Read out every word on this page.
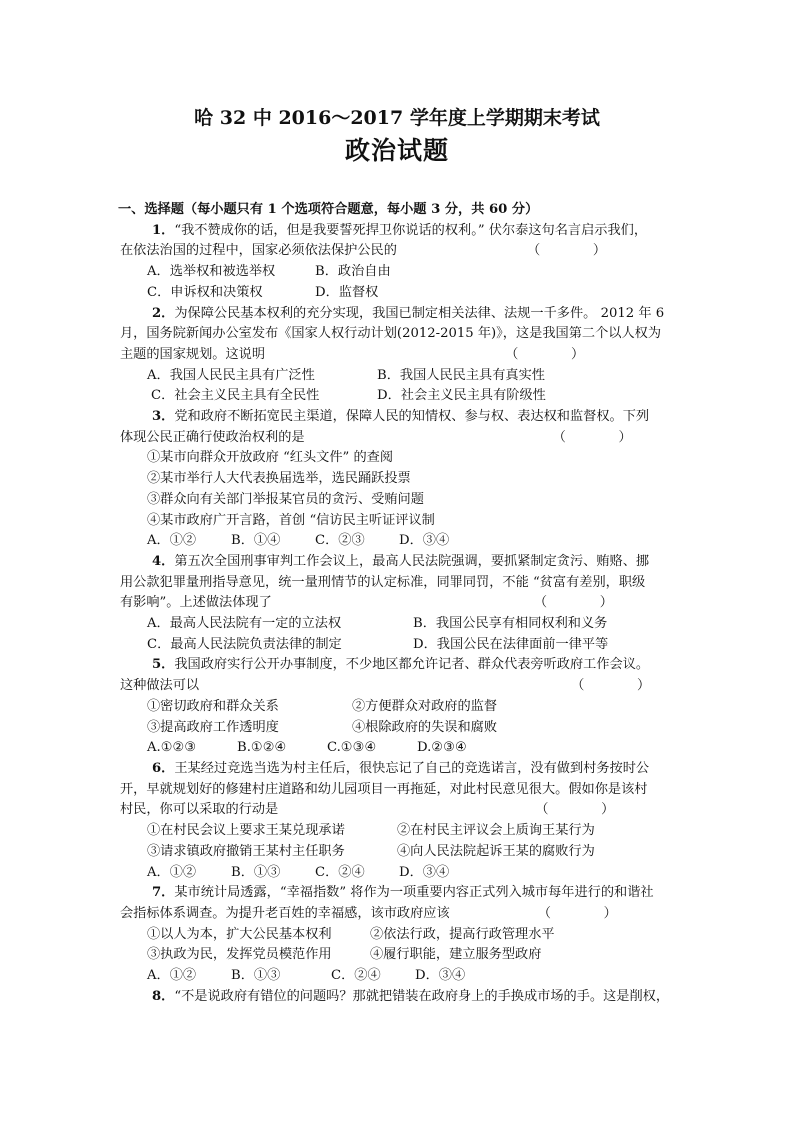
哈 32 中 2016～2017 学年度上学期期末考试
政治试题
一、选择题（每小题只有 1 个选项符合题意，每小题 3 分，共 60 分）
1．“我不赞成你的话，但是我要誓死捍卫你说话的权利。” 伏尔泰这句名言启示我们，
在依法治国的过程中，国家必须依法保护公民的	（　　　　）
A．选举权和被选举权	B．政治自由
C．申诉权和决策权	D．监督权
2．为保障公民基本权利的充分实现，我国已制定相关法律、法规一千多件。 2012 年 6
月，国务院新闻办公室发布《国家人权行动计划(2012-2015 年)》，这是我国第二个以人权为
主题的国家规划。这说明	（　　　　）
A．我国人民民主具有广泛性	B．我国人民民主具有真实性
C．社会主义民主具有全民性	D．社会主义民主具有阶级性
3．党和政府不断拓宽民主渠道，保障人民的知情权、参与权、表达权和监督权。下列
体现公民正确行使政治权利的是	（　　　　）
①某市向群众开放政府 “红头文件” 的查阅
②某市举行人大代表换届选举，选民踊跃投票
③群众向有关部门举报某官员的贪污、受贿问题
④某市政府广开言路，首创 “信访民主听证评议制
A．①②	B．①④	C．②③	D．③④
4．第五次全国刑事审判工作会议上，最高人民法院强调，要抓紧制定贪污、贿赂、挪
用公款犯罪量刑指导意见，统一量刑情节的认定标准，同罪同罚，不能 “贫富有差别，职级
有影响”。上述做法体现了	（　　　　）
A．最高人民法院有一定的立法权	B．我国公民享有相同权利和义务
C．最高人民法院负责法律的制定	D．我国公民在法律面前一律平等
5．我国政府实行公开办事制度，不少地区都允许记者、群众代表旁听政府工作会议。
这种做法可以	（　　　　）
①密切政府和群众关系	②方便群众对政府的监督
③提高政府工作透明度	④根除政府的失误和腐败
A.①②③	B.①②④	C.①③④	D.②③④
6．王某经过竞选当选为村主任后，很快忘记了自己的竞选诺言，没有做到村务按时公
开，早就规划好的修建村庄道路和幼儿园项目一再拖延，对此村民意见很大。假如你是该村
村民，你可以采取的行动是	（　　　　）
①在村民会议上要求王某兑现承诺	②在村民主评议会上质询王某行为
③请求镇政府撤销王某村主任职务	④向人民法院起诉王某的腐败行为
A．①②	B．①③	C．②④	D．③④
7．某市统计局透露，“幸福指数” 将作为一项重要内容正式列入城市每年进行的和谐社
会指标体系调查。为提升老百姓的幸福感，该市政府应该	（　　　　）
①以人为本，扩大公民基本权利	②依法行政，提高行政管理水平
③执政为民，发挥党员模范作用	④履行职能，建立服务型政府
A．①②	B．①③	C．②④	D．③④
8．“不是说政府有错位的问题吗？那就把错装在政府身上的手换成市场的手。这是削权，
